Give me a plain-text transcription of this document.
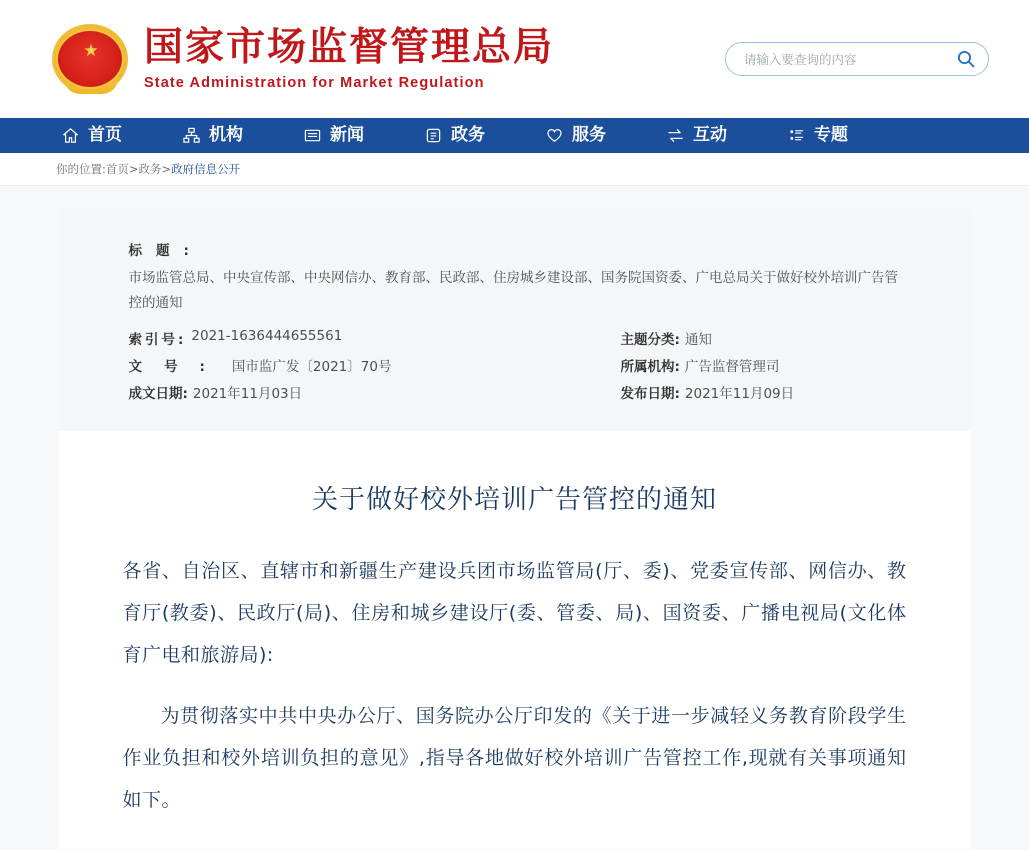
★ 国家市场监督管理总局
State Administration for Market Regulation
请输入要查询的内容
首页	机构	新闻	政务	服务	互动	专题
你的位置:首页>政务>政府信息公开
标题:
市场监管总局、中央宣传部、中央网信办、教育部、民政部、住房城乡建设部、国务院国资委、广电总局关于做好校外培训广告管控的通知
索引号: 2021-1636444655561	主题分类: 通知
文号: 国市监广发〔2021〕70号	所属机构: 广告监督管理司
成文日期: 2021年11月03日	发布日期: 2021年11月09日
关于做好校外培训广告管控的通知

各省、自治区、直辖市和新疆生产建设兵团市场监管局(厅、委)、党委宣传部、网信办、教育厅(教委)、民政厅(局)、住房和城乡建设厅(委、管委、局)、国资委、广播电视局(文化体育广电和旅游局):

为贯彻落实中共中央办公厅、国务院办公厅印发的《关于进一步减轻义务教育阶段学生作业负担和校外培训负担的意见》,指导各地做好校外培训广告管控工作,现就有关事项通知如下。
